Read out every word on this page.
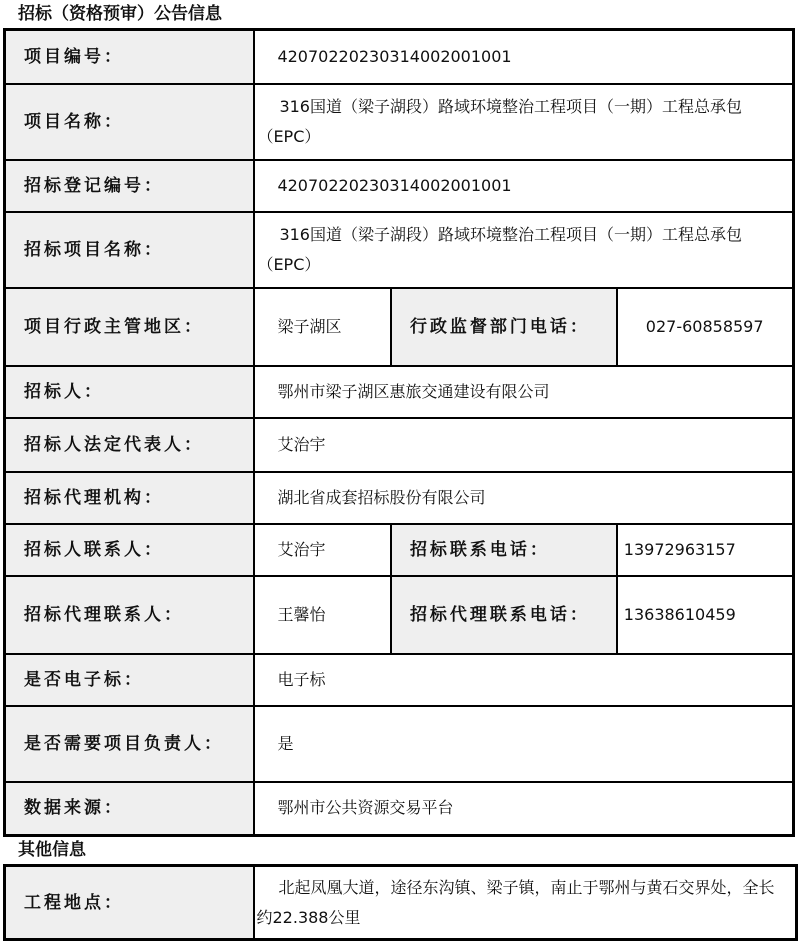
招标（资格预审）公告信息
项目编号：	42070220230314002001001		
项目名称：	316国道（梁子湖段）路域环境整治工程项目（一期）工程总承包（EPC）		
招标登记编号：	42070220230314002001001		
招标项目名称：	316国道（梁子湖段）路域环境整治工程项目（一期）工程总承包（EPC）		
项目行政主管地区：	梁子湖区	行政监督部门电话：	027-60858597
招标人：	鄂州市梁子湖区惠旅交通建设有限公司		
招标人法定代表人：	艾治宇		
招标代理机构：	湖北省成套招标股份有限公司		
招标人联系人：	艾治宇	招标联系电话：	13972963157
招标代理联系人：	王馨怡	招标代理联系电话：	13638610459
是否电子标：	电子标		
是否需要项目负责人：	是		
数据来源：	鄂州市公共资源交易平台		
其他信息
工程地点：	北起凤凰大道，途径东沟镇、梁子镇，南止于鄂州与黄石交界处，全长约22.388公里
